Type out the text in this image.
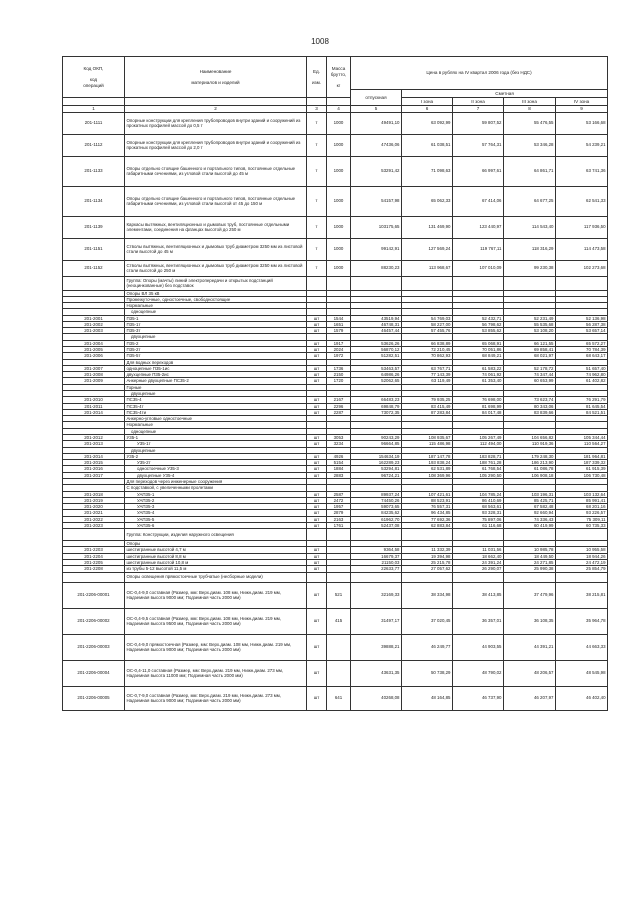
1008
Код ОКП,

код
операций	Наименование

материалов и изделий	Ед.

изм.	Масса
брутто,

кг	Цена в рублях на IV квартал 2006 года (без НДС)				
				отпускная	Сметная			
					I зона	II зона	III зона	IV зона
1	2	3	4	5	6	7	8	9
201-1111	Опорные конструкции для крепления трубопроводов внутри зданий и сооружений из прокатных профилей массой до 0,5 т	т	1000	49491,10	63 092,99	59 807,52	55 476,55	53 166,68
201-1112	Опорные конструкции для крепления трубопроводов внутри зданий и сооружений из прокатных профилей массой до 2,0 т	т	1000	47436,06	61 038,51	57 764,31	53 346,28	54 239,21
201-1133	Опоры отдельно стоящие башенного и портального типов, постоянные отдельные габаритными сечениями, из угловой стали высотой до 45 м	т	1000	53291,42	71 098,63	66 997,61	64 861,71	63 741,36
201-1134	Опоры отдельно стоящие башенного и портального типов, постоянные отдельные габаритными сечениями, из угловой стали высотой от 45 до 150 м	т	1000	54157,98	65 062,33	67 414,06	64 677,25	62 541,33
201-1139	Каркасы вытяжных, вентиляционных и дымовых труб, постоянные отдельными элементами, соединения на фланцах высотой до 250 м	т	1000	103175,65	131 469,90	123 440,97	114 543,40	117 936,50
201-1151	Стволы вытяжных, вентиляционных и дымовых труб диаметром 3250 мм из листовой стали высотой до 45 м	т	1000	99142,91	127 569,24	119 767,11	118 316,29	114 473,58
201-1152	Стволы вытяжных, вентиляционных и дымовых труб диаметром 3250 мм из листовой стали высотой до 250 м	т	1000	88230,23	113 968,67	107 010,09	99 230,38	102 273,68
	Группа: Опоры (мачты) линий электропередачи и открытых подстанций (неоцинкованные) без подставок							
	Опоры ВЛ 35 кВ							
	Промежуточные, одностоечные, свободностоящие							
	Нормальные							
	одноцепные							
201-2001	П35-1	шт	1544	43519,94	54 769,03	52 432,71	52 231,49	52 136,98
201-2002	П35-1т	шт	1651	46748,31	58 227,00	56 798,62	55 535,68	56 287,38
201-2003	П35-3т	шт	1579	46457,44	57 455,76	53 855,62	53 108,20	53 657,14
	двухцепные							
201-2004	П35-2	шт	1917	53626,26	66 838,89	65 068,91	66 121,55	65 572,27
201-2005	П35-2т	шт	2024	56870,12	72 210,45	70 051,86	69 858,41	70 784,39
201-2006	П35-5т	шт	1972	51282,51	70 862,93	68 849,21	68 021,97	68 643,17
	Для водных переходов							
201-2007	одноцепные П35-1ис	шт	1736	53463,57	63 767,71	61 583,22	52 178,72	51 657,40
201-2008	двухцепные П35-2ис	шт	2150	64986,26	77 143,39	74 061,92	74 347,44	74 962,80
201-2009	Анкерные двухцепные ПС35-2	шт	1720	52062,65	63 119,49	61 353,40	60 653,99	61 402,82
	Горные							
	двухцепные							
201-2010	ПС35-4	шт	2167	66483,23	79 935,25	76 698,00	73 623,74	76 291,79
201-2011	ПС35-4т	шт	2296	69848,79	83 415,49	81 698,99	80 343,06	81 645,54
201-2014	ПС35-4ти	шт	2287	73072,35	87 283,84	84 017,48	83 839,66	84 521,51
	Анкерно-угловые одностоечные							
	Нормальные							
	одноцепные							
201-2012	У35-1	шт	3053	90243,29	108 935,67	105 267,49	104 656,82	105 344,44
201-2013	У35-1т	шт	3234	96664,85	115 486,98	112 494,00	110 919,36	110 564,27
	двухцепные							
201-2014	У35-2	шт	4926	154634,19	187 147,78	183 828,71	179 248,30	181 964,81
201-2015	У35-2т	шт	5154	162289,23	193 838,24	188 761,28	186 213,90	187 339,32
201-2016	одностоечные У35-3	шт	1884	53294,81	62 531,89	61 768,54	61 086,78	61 915,39
201-2017	двухцепные У35-4	шт	2883	96724,21	108 369,96	105 290,50	106 908,18	106 730,48
	Для переходов через инженерные сооружения							
	С подставкой, с увеличенными пролетами							
201-2018	УАП35-1	шт	2587	89937,24	107 421,61	104 785,24	103 196,31	103 132,64
201-2019	УАП35-2	шт	2472	74450,26	88 523,91	86 410,69	85 425,71	85 991,41
201-2020	УАП35-3	шт	1957	59073,65	76 557,31	68 563,61	67 582,48	68 201,16
201-2021	УАП35-4	шт	2879	84235,62	96 434,85	93 328,31	92 660,94	93 226,57
201-2022	УАП35-5	шт	2163	61962,70	77 692,36	75 897,06	74 336,43	75 309,11
201-2023	УАП35-6	шт	1761	52437,08	62 883,84	61 116,68	60 419,99	60 735,33
	Группа: Конструкции, изделия наружного освещения							
	Опоры							
201-2203	шестигранные высотой 4,7 м	шт		9364,58	11 332,39	11 031,56	10 985,78	10 955,58
201-2204	шестигранные высотой 8,8 м	шт		16679,37	19 394,98	18 662,40	18 449,50	18 944,26
201-2205	шестигранные высотой 10,8 м	шт		21150,03	25 215,78	24 391,24	24 271,85	24 472,19
201-2208	из трубы 5-12 высотой 11,5 м	шт		22633,77	27 057,62	26 290,07	25 990,38	25 854,79
	Опоры освещения прямостоечные трубчатые (несборные модели)							
201-2206-00001	ОС-0,4-9,0 составная (Размер, мм: Верх.диам. 108 мм, Нижн.диам. 219 мм, Надземная высота 9000 мм; Подземная часть 2000 мм)	шт	521	32169,33	38 334,98	38 413,85	37 479,96	38 215,81
201-2206-00002	ОС-0,4-9,5 составная (Размер, мм: Верх.диам. 108 мм, Нижн.диам. 219 мм, Надземная высота 9500 мм, Подземная часть 2000 мм)	шт	415	31497,17	37 020,45	36 357,01	36 108,35	35 964,78
201-2206-00003	ОС-0,4-9,0 прямостоечная (Размер, мм: Верх.диам. 108 мм, Нижн.диам. 219 мм, Надземная высота 9000 мм; Подземная часть 2000 мм)	шт		39888,21	46 249,77	44 903,55	44 391,21	44 663,33
201-2206-00004	ОС-0,4-11,0 составная (Размер, мм: Верх.диам. 219 мм, Нижн.диам. 273 мм, Надземная высота 11000 мм; Подземная часть 2000 мм)	шт		43631,35	50 738,29	48 790,02	48 206,57	48 545,98
201-2206-00005	ОС-0,7-9,0 составная (Размер, мм: Верх.диам. 219 мм, Нижн.диам. 273 мм, Надземная высота 9000 мм; Подземная часть 2000 мм)	шт	641	40268,08	48 164,85	46 737,90	46 207,97	46 402,40
